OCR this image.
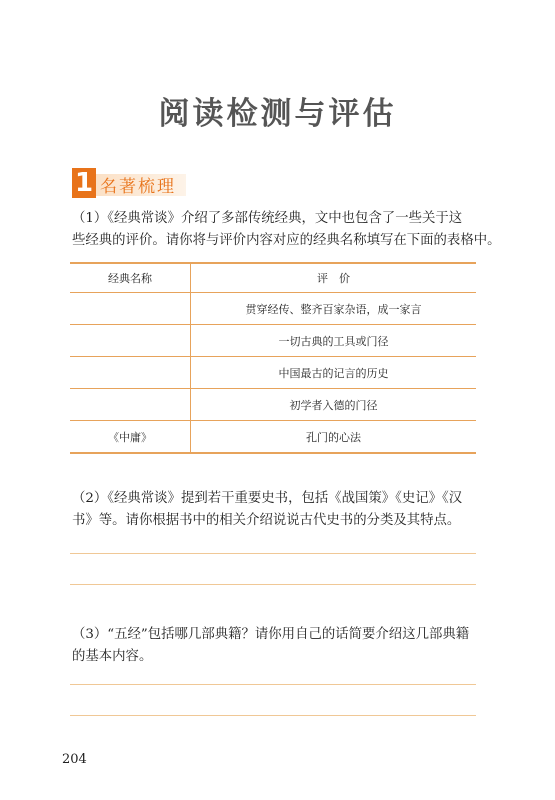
阅读检测与评估
1 名著梳理
（1）《经典常谈》介绍了多部传统经典，文中也包含了一些关于这
些经典的评价。请你将与评价内容对应的经典名称填写在下面的表格中。
经典名称	评　价
	贯穿经传、整齐百家杂语，成一家言
	一切古典的工具或门径
	中国最古的记言的历史
	初学者入德的门径
《中庸》	孔门的心法
（2）《经典常谈》提到若干重要史书，包括《战国策》《史记》《汉
书》等。请你根据书中的相关介绍说说古代史书的分类及其特点。
（3）“五经”包括哪几部典籍？请你用自己的话简要介绍这几部典籍
的基本内容。
204
